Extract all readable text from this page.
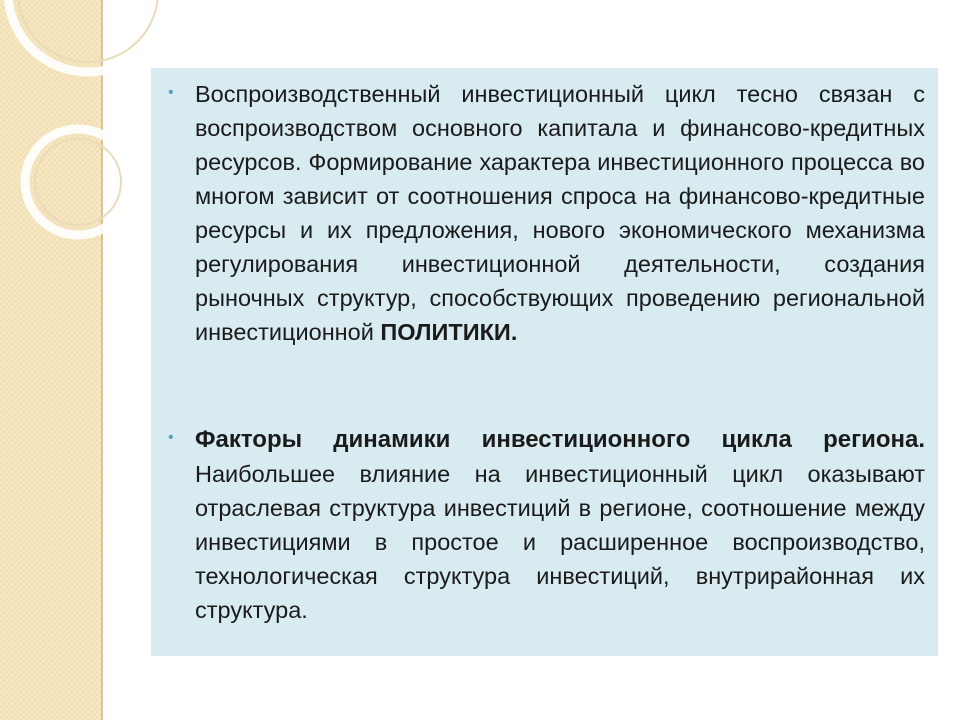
• Воспроизводственный инвестиционный цикл тесно связан с воспроизводством основного капитала и финансово-кредитных ресурсов. Формирование характера инвестиционного процесса во многом зависит от соотношения спроса на финансово-кредитные ресурсы и их предложения, нового экономического механизма регулирования инвестиционной деятельности, создания рыночных структур, способствующих проведению региональной инвестиционной ПОЛИТИКИ.
• Факторы динамики инвестиционного цикла региона. Наибольшее влияние на инвестиционный цикл оказывают отраслевая структура инвестиций в регионе, соотношение между инвестициями в простое и расширенное воспроизводство, технологическая структура инвестиций, внутрирайонная их структура.
